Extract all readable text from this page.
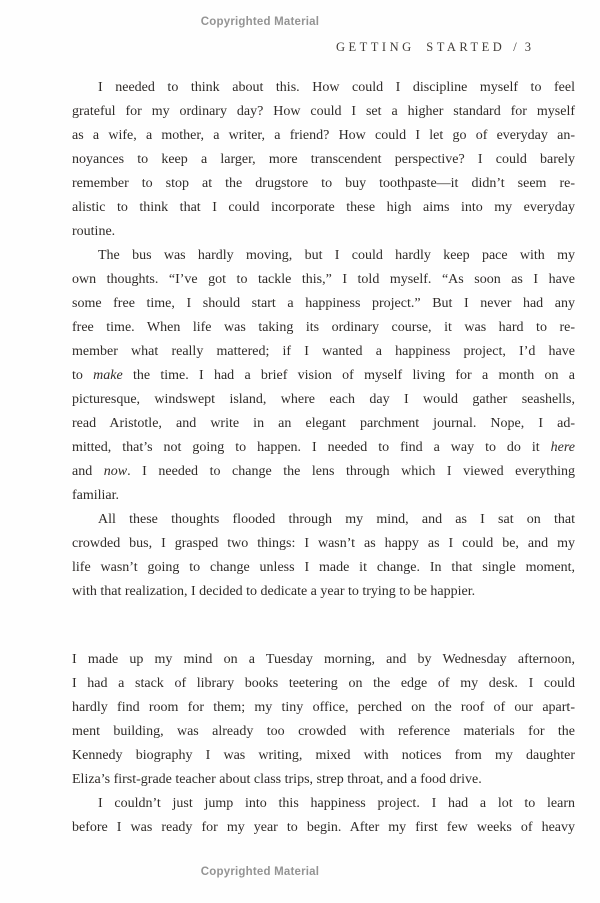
Copyrighted Material
GETTING STARTED / 3
I needed to think about this. How could I discipline myself to feel
grateful for my ordinary day? How could I set a higher standard for myself
as a wife, a mother, a writer, a friend? How could I let go of everyday an-
noyances to keep a larger, more transcendent perspective? I could barely
remember to stop at the drugstore to buy toothpaste—it didn’t seem re-
alistic to think that I could incorporate these high aims into my everyday
routine.
The bus was hardly moving, but I could hardly keep pace with my
own thoughts. “I’ve got to tackle this,” I told myself. “As soon as I have
some free time, I should start a happiness project.” But I never had any
free time. When life was taking its ordinary course, it was hard to re-
member what really mattered; if I wanted a happiness project, I’d have
to make the time. I had a brief vision of myself living for a month on a
picturesque, windswept island, where each day I would gather seashells,
read Aristotle, and write in an elegant parchment journal. Nope, I ad-
mitted, that’s not going to happen. I needed to find a way to do it here
and now. I needed to change the lens through which I viewed everything
familiar.
All these thoughts flooded through my mind, and as I sat on that
crowded bus, I grasped two things: I wasn’t as happy as I could be, and my
life wasn’t going to change unless I made it change. In that single moment,
with that realization, I decided to dedicate a year to trying to be happier.
I made up my mind on a Tuesday morning, and by Wednesday afternoon,
I had a stack of library books teetering on the edge of my desk. I could
hardly find room for them; my tiny office, perched on the roof of our apart-
ment building, was already too crowded with reference materials for the
Kennedy biography I was writing, mixed with notices from my daughter
Eliza’s first-grade teacher about class trips, strep throat, and a food drive.
I couldn’t just jump into this happiness project. I had a lot to learn
before I was ready for my year to begin. After my first few weeks of heavy
Copyrighted Material
